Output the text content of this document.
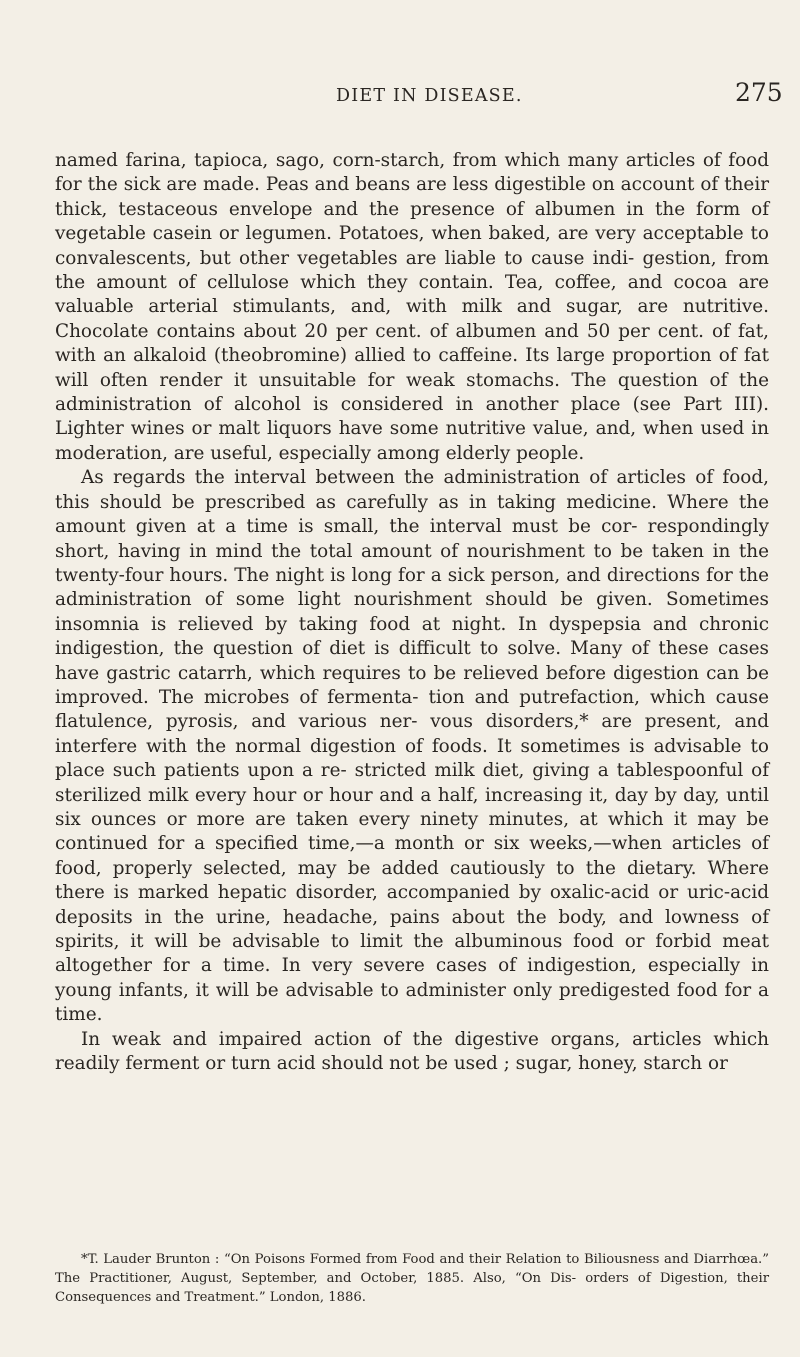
DIET IN DISEASE.	275

named farina, tapioca, sago, corn-starch, from which many articles of food for the sick are made. Peas and beans are less digestible on account of their thick, testaceous envelope and the presence of albumen in the form of vegetable casein or legumen. Potatoes, when baked, are very acceptable to convalescents, but other vegetables are liable to cause indi- gestion, from the amount of cellulose which they contain. Tea, coffee, and cocoa are valuable arterial stimulants, and, with milk and sugar, are nutritive. Chocolate contains about 20 per cent. of albumen and 50 per cent. of fat, with an alkaloid (theobromine) allied to caffeine. Its large proportion of fat will often render it unsuitable for weak stomachs. The question of the administration of alcohol is considered in another place (see Part III). Lighter wines or malt liquors have some nutritive value, and, when used in moderation, are useful, especially among elderly people.

As regards the interval between the administration of articles of food, this should be prescribed as carefully as in taking medicine. Where the amount given at a time is small, the interval must be cor- respondingly short, having in mind the total amount of nourishment to be taken in the twenty-four hours. The night is long for a sick person, and directions for the administration of some light nourishment should be given. Sometimes insomnia is relieved by taking food at night. In dyspepsia and chronic indigestion, the question of diet is difficult to solve. Many of these cases have gastric catarrh, which requires to be relieved before digestion can be improved. The microbes of fermenta- tion and putrefaction, which cause flatulence, pyrosis, and various ner- vous disorders,* are present, and interfere with the normal digestion of foods. It sometimes is advisable to place such patients upon a re- stricted milk diet, giving a tablespoonful of sterilized milk every hour or hour and a half, increasing it, day by day, until six ounces or more are taken every ninety minutes, at which it may be continued for a specified time,—a month or six weeks,—when articles of food, properly selected, may be added cautiously to the dietary. Where there is marked hepatic disorder, accompanied by oxalic-acid or uric-acid deposits in the urine, headache, pains about the body, and lowness of spirits, it will be advisable to limit the albuminous food or forbid meat altogether for a time. In very severe cases of indigestion, especially in young infants, it will be advisable to administer only predigested food for a time.

In weak and impaired action of the digestive organs, articles which readily ferment or turn acid should not be used ; sugar, honey, starch or

*T. Lauder Brunton : “On Poisons Formed from Food and their Relation to Biliousness and Diarrhœa.” The Practitioner, August, September, and October, 1885. Also, “On Dis- orders of Digestion, their Consequences and Treatment.” London, 1886.
